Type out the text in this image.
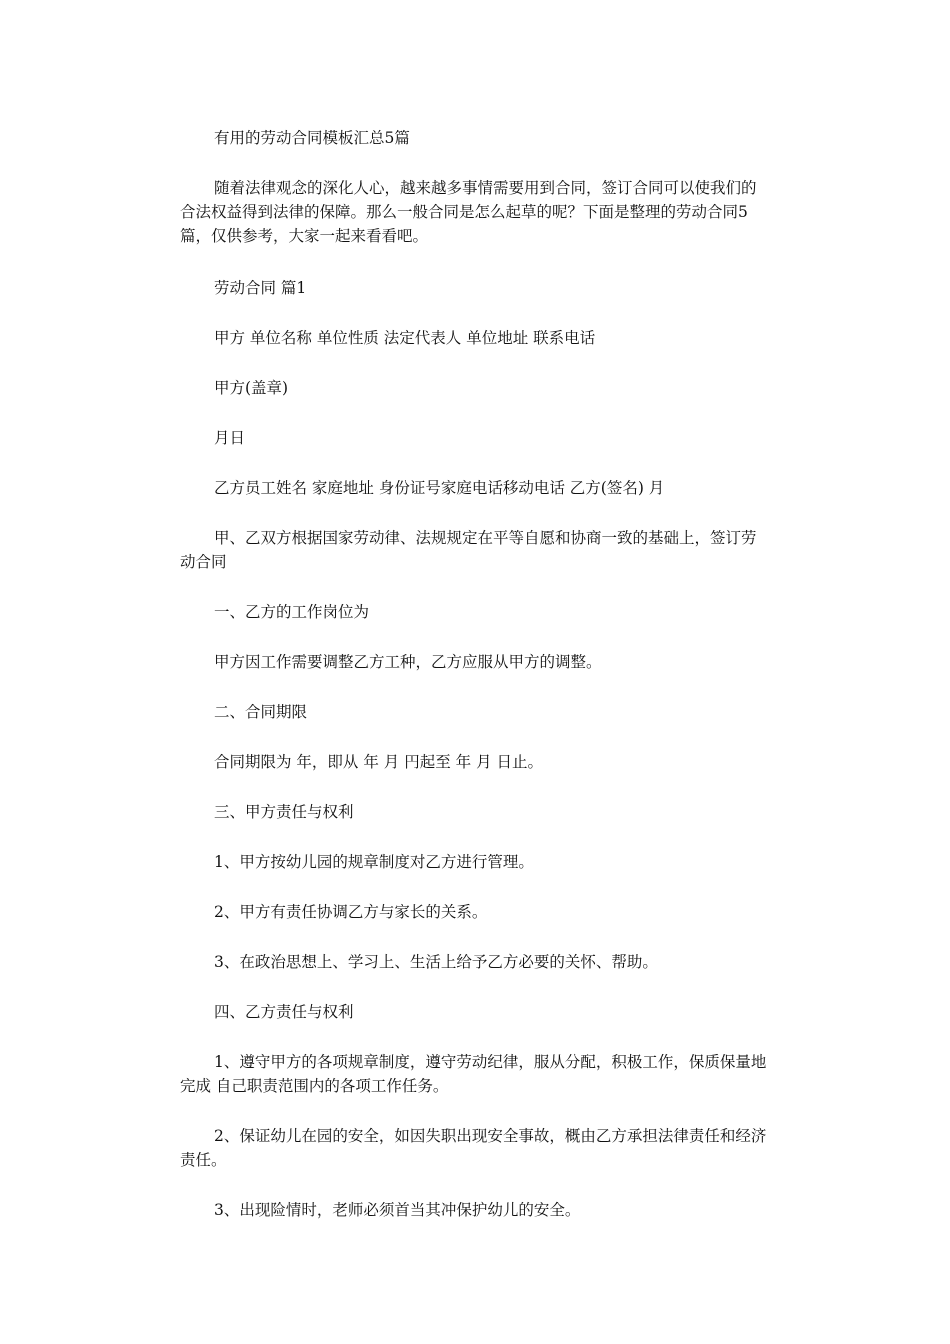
有用的劳动合同模板汇总5篇

随着法律观念的深化人心，越来越多事情需要用到合同，签订合同可以使我们的合法权益得到法律的保障。那么一般合同是怎么起草的呢？下面是整理的劳动合同5篇，仅供参考，大家一起来看看吧。

劳动合同 篇1

甲方 单位名称 单位性质 法定代表人 单位地址 联系电话

甲方(盖章)

月日

乙方员工姓名 家庭地址 身份证号家庭电话移动电话 乙方(签名) 月

甲、乙双方根据国家劳动律、法规规定在平等自愿和协商一致的基础上，签订劳动合同

一、乙方的工作岗位为

甲方因工作需要调整乙方工种，乙方应服从甲方的调整。

二、合同期限

合同期限为 年，即从 年 月 円起至 年 月 日止。

三、甲方责任与权利

1、甲方按幼儿园的规章制度对乙方进行管理。

2、甲方有责任协调乙方与家长的关系。

3、在政治思想上、学习上、生活上给予乙方必要的关怀、帮助。

四、乙方责任与权利

1、遵守甲方的各项规章制度，遵守劳动纪律，服从分配，积极工作，保质保量地完成 自己职责范围内的各项工作任务。

2、保证幼儿在园的安全，如因失职出现安全事故，概由乙方承担法律责任和经济责任。

3、出现险情时，老师必须首当其冲保护幼儿的安全。
